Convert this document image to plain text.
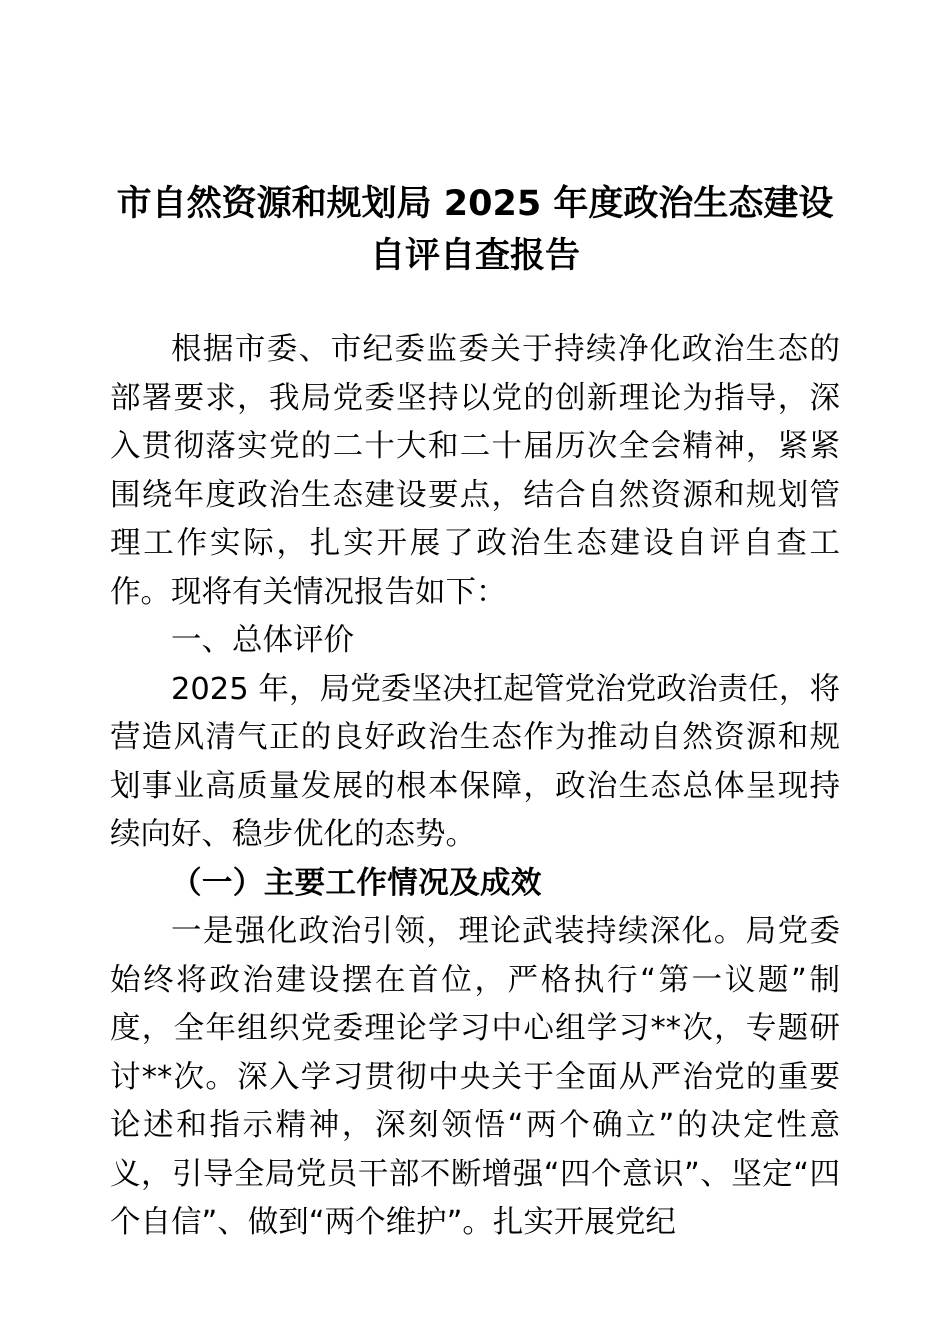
市自然资源和规划局 2025 年度政治生态建设自评自查报告

根据市委、市纪委监委关于持续净化政治生态的部署要求，我局党委坚持以党的创新理论为指导，深入贯彻落实党的二十大和二十届历次全会精神，紧紧围绕年度政治生态建设要点，结合自然资源和规划管理工作实际，扎实开展了政治生态建设自评自查工作。现将有关情况报告如下：

一、总体评价

2025 年，局党委坚决扛起管党治党政治责任，将营造风清气正的良好政治生态作为推动自然资源和规划事业高质量发展的根本保障，政治生态总体呈现持续向好、稳步优化的态势。

（一）主要工作情况及成效

一是强化政治引领，理论武装持续深化。局党委始终将政治建设摆在首位，严格执行“第一议题”制度，全年组织党委理论学习中心组学习**次，专题研讨**次。深入学习贯彻中央关于全面从严治党的重要论述和指示精神，深刻领悟“两个确立”的决定性意义，引导全局党员干部不断增强“四个意识”、坚定“四个自信”、做到“两个维护”。扎实开展党纪
